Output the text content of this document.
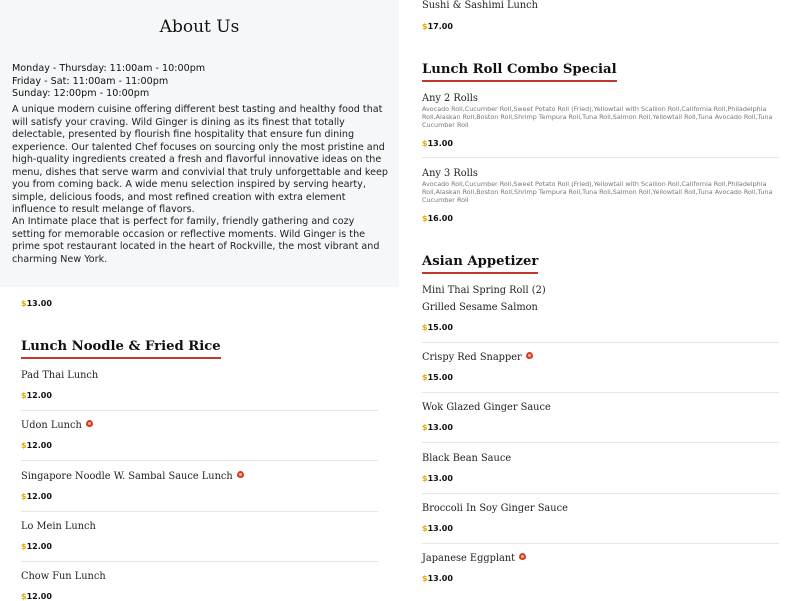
About Us
Monday - Thursday: 11:00am - 10:00pm
Friday - Sat: 11:00am - 11:00pm
Sunday: 12:00pm - 10:00pm
A unique modern cuisine offering different best tasting and healthy food that will satisfy your craving. Wild Ginger is dining as its finest that totally delectable, presented by flourish fine hospitality that ensure fun dining experience. Our talented Chef focuses on sourcing only the most pristine and high-quality ingredients created a fresh and flavorful innovative ideas on the menu, dishes that serve warm and convivial that truly unforgettable and keep you from coming back. A wide menu selection inspired by serving hearty, simple, delicious foods, and most refined creation with extra element influence to result melange of flavors.
An Intimate place that is perfect for family, friendly gathering and cozy setting for memorable occasion or reflective moments. Wild Ginger is the prime spot restaurant located in the heart of Rockville, the most vibrant and charming New York.
$13.00
Lunch Noodle & Fried Rice
Pad Thai Lunch
$12.00
Udon Lunch
$12.00
Singapore Noodle W. Sambal Sauce Lunch
$12.00
Lo Mein Lunch
$12.00
Chow Fun Lunch
$12.00
Sushi & Sashimi Lunch
$17.00
Lunch Roll Combo Special
Any 2 Rolls
Avocado Roll,Cucumber Roll,Sweet Potato Roll (Fried),Yellowtail with Scallion Roll,California Roll,Philadelphia Roll,Alaskan Roll,Boston Roll,Shrimp Tempura Roll,Tuna Roll,Salmon Roll,Yellowtail Roll,Tuna Avocado Roll,Tuna Cucumber Roll
$13.00
Any 3 Rolls
Avocado Roll,Cucumber Roll,Sweet Potato Roll (Fried),Yellowtail with Scallion Roll,California Roll,Philadelphia Roll,Alaskan Roll,Boston Roll,Shrimp Tempura Roll,Tuna Roll,Salmon Roll,Yellowtail Roll,Tuna Avocado Roll,Tuna Cucumber Roll
$16.00
Asian Appetizer
Mini Thai Spring Roll (2)
Grilled Sesame Salmon
$15.00
Crispy Red Snapper
$15.00
Wok Glazed Ginger Sauce
$13.00
Black Bean Sauce
$13.00
Broccoli In Soy Ginger Sauce
$13.00
Japanese Eggplant
$13.00
